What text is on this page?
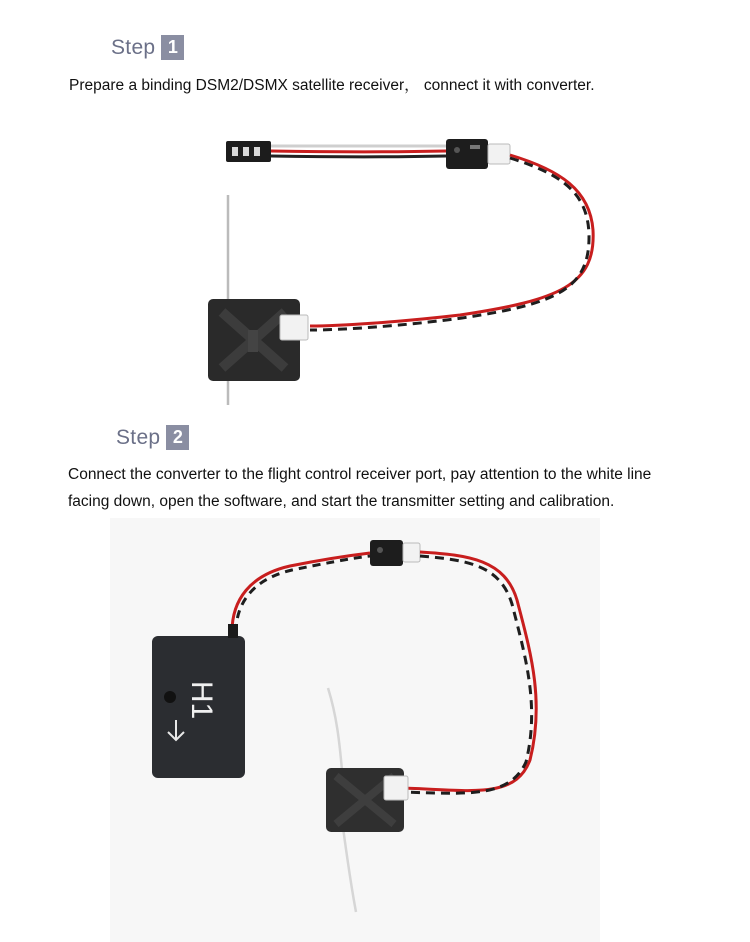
Step 1
Prepare a binding DSM2/DSMX satellite receiver， connect it with converter.
Step 2
Connect the converter to the flight control receiver port, pay attention to the white line
facing down, open the software, and start the transmitter setting and calibration.
H1
